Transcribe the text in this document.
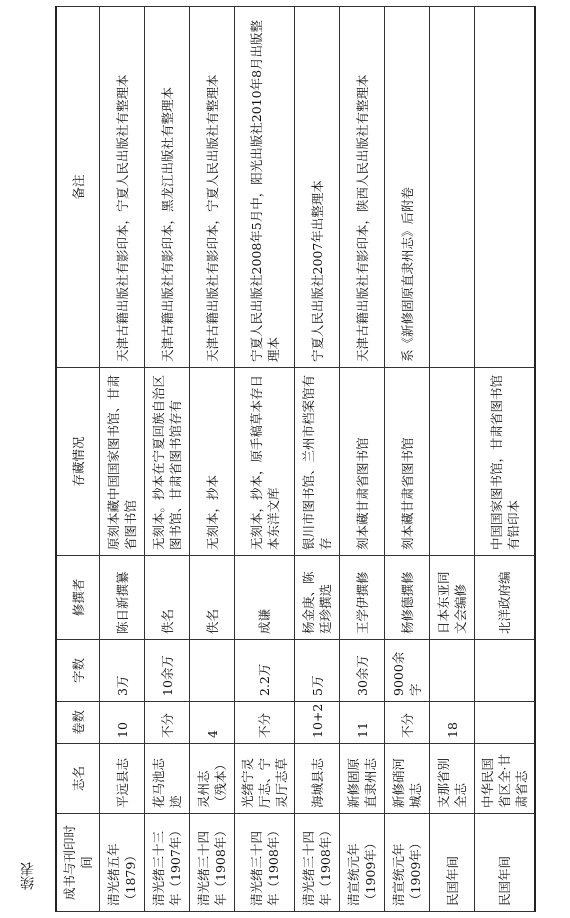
续表 成书与刊印时间	志名	卷数	字数	修撰者	存藏情况	备注
清光绪五年（1879）	平远县志	10	3万	陈日新撰纂	原刻本藏中国国家图书馆、甘肃省图书馆	天津古籍出版社有影印本，宁夏人民出版社有整理本
清光绪三十三年（1907年）	花马池志迹	不分	10余万	佚名	无刻本。抄本在宁夏回族自治区图书馆、甘肃省图书馆存有	天津古籍出版社有影印本，黑龙江出版社有整理本
清光绪三十四年（1908年）	灵州志（残本）	4		佚名	无刻本，抄本	天津古籍出版社有影印本，宁夏人民出版社有整理本
清光绪三十四年（1908年）	光绪宁灵厅志、宁灵厅志草	不分	2.2万	成谦	无刻本，抄本，原手稿草本存日本东洋文库	宁夏人民出版社2008年5月中，阳光出版社2010年8月出版整理本
清光绪三十四年（1908年）	海城县志	10+2	5万	杨金庚、陈廷珍撰选	银川市图书馆、兰州市档案馆有存	宁夏人民出版社2007年出整理本
清宣统元年（1909年）	新修固原直隶州志	11	30余万	王学伊撰修	刻本藏甘肃省图书馆	天津古籍出版社有影印本，陕西人民出版社有整理本
清宣统元年（1909年）	新修硝河城志	不分	9000余字	杨修德撰修	刻本藏甘肃省图书馆	系《新修固原直隶州志》后附卷
民国年间	支那省别全志	18		日本东亚同文会编修		
民国年间	中华民国省区全·甘肃省志			北洋政府编	中国国家图书馆，甘肃省图书馆有铅印本	
